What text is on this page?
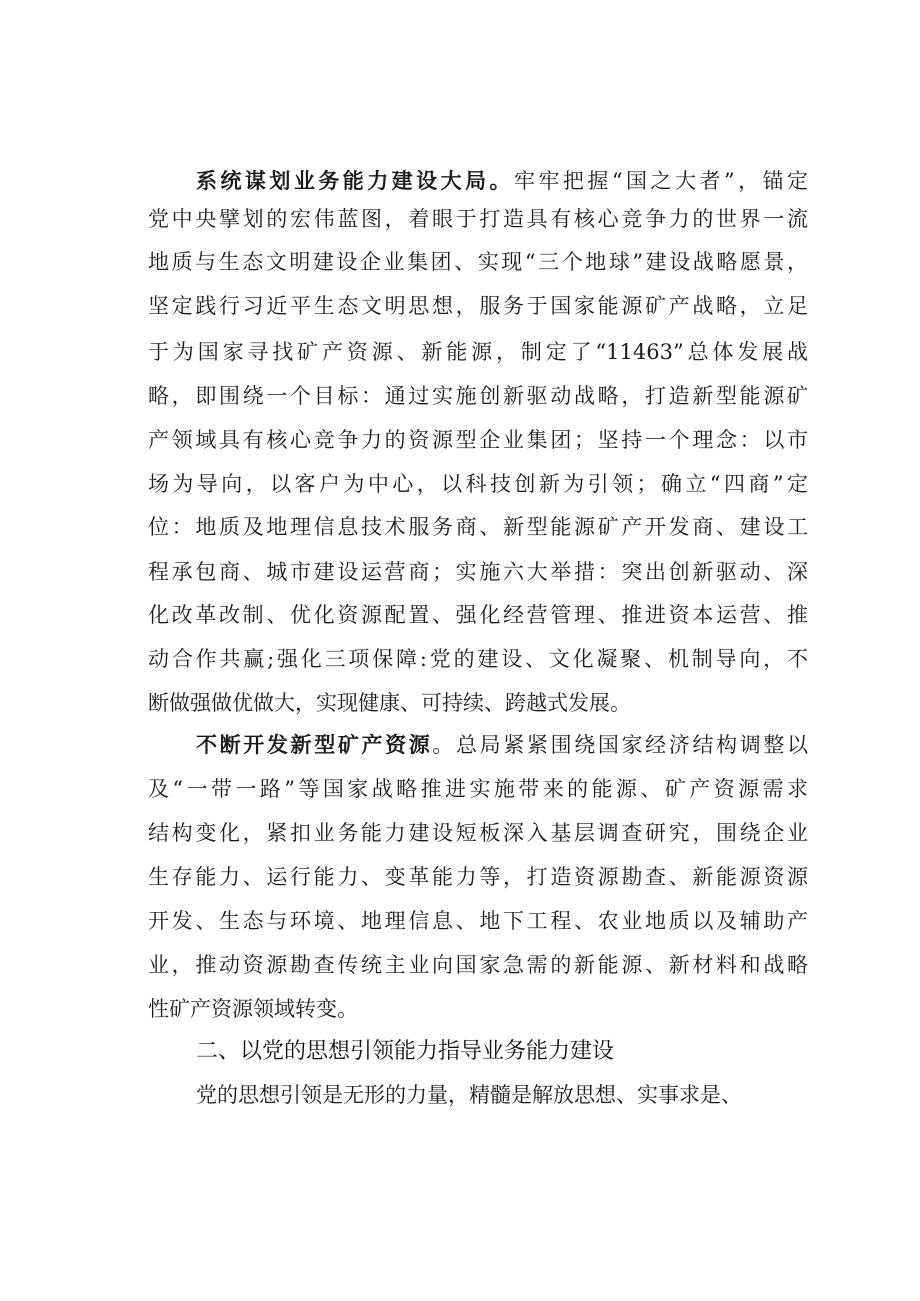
系统谋划业务能力建设大局。牢牢把握“国之大者”，锚定
党中央擘划的宏伟蓝图，着眼于打造具有核心竞争力的世界一流
地质与生态文明建设企业集团、实现“三个地球”建设战略愿景，
坚定践行习近平生态文明思想，服务于国家能源矿产战略，立足
于为国家寻找矿产资源、新能源，制定了“11463”总体发展战
略，即围绕一个目标：通过实施创新驱动战略，打造新型能源矿
产领域具有核心竞争力的资源型企业集团；坚持一个理念：以市
场为导向，以客户为中心，以科技创新为引领；确立“四商”定
位：地质及地理信息技术服务商、新型能源矿产开发商、建设工
程承包商、城市建设运营商；实施六大举措：突出创新驱动、深
化改革改制、优化资源配置、强化经营管理、推进资本运营、推
动合作共赢;强化三项保障:党的建设、文化凝聚、机制导向，不
断做强做优做大，实现健康、可持续、跨越式发展。
不断开发新型矿产资源。总局紧紧围绕国家经济结构调整以
及“一带一路”等国家战略推进实施带来的能源、矿产资源需求
结构变化，紧扣业务能力建设短板深入基层调查研究，围绕企业
生存能力、运行能力、变革能力等，打造资源勘查、新能源资源
开发、生态与环境、地理信息、地下工程、农业地质以及辅助产
业，推动资源勘查传统主业向国家急需的新能源、新材料和战略
性矿产资源领域转变。
二、以党的思想引领能力指导业务能力建设
党的思想引领是无形的力量，精髓是解放思想、实事求是、
